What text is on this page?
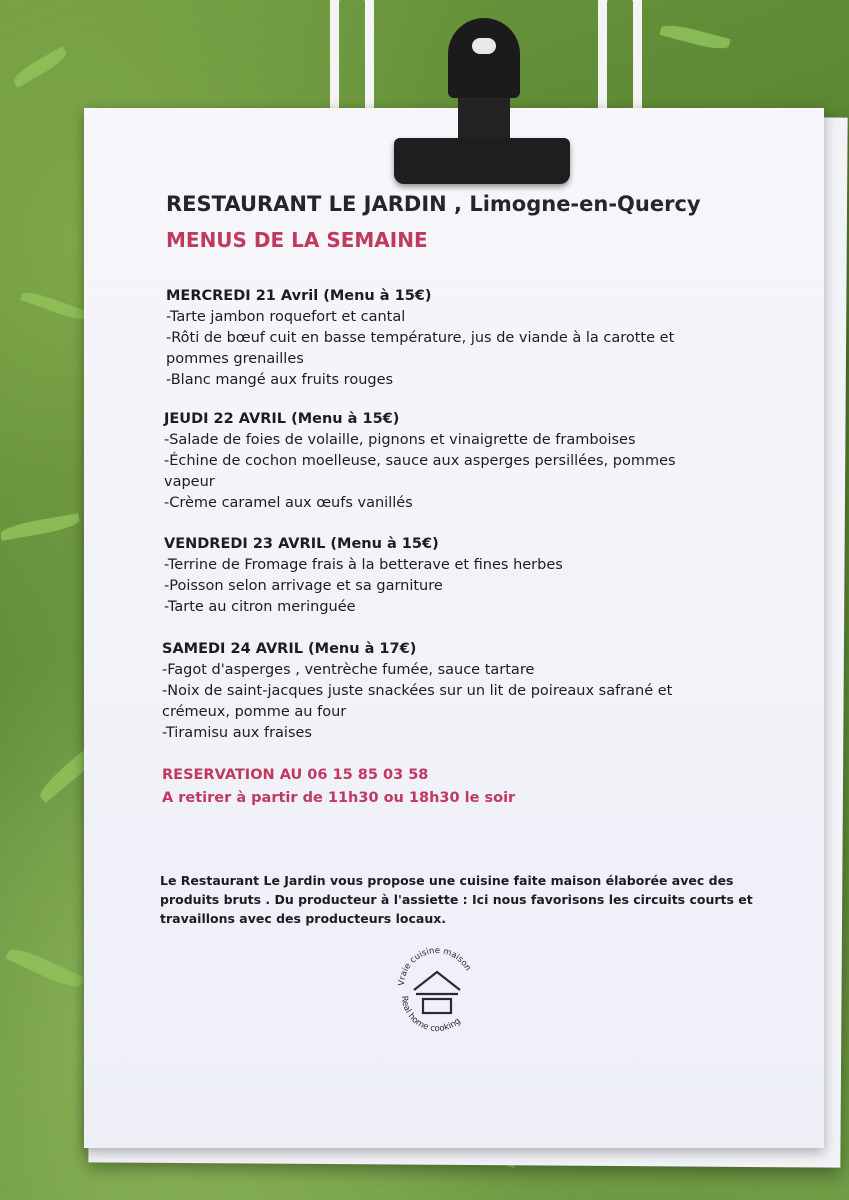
RESTAURANT LE JARDIN , Limogne-en-Quercy
MENUS DE LA SEMAINE
MERCREDI 21 Avril (Menu à 15€)
-Tarte jambon roquefort et cantal
-Rôti de bœuf cuit en basse température, jus de viande à la carotte et
pommes grenailles
-Blanc mangé aux fruits rouges
JEUDI 22 AVRIL (Menu à 15€)
-Salade de foies de volaille, pignons et vinaigrette de framboises
-Échine de cochon moelleuse, sauce aux asperges persillées, pommes
vapeur
-Crème caramel aux œufs vanillés
VENDREDI 23 AVRIL (Menu à 15€)
-Terrine de Fromage frais à la betterave et fines herbes
-Poisson selon arrivage et sa garniture
-Tarte au citron meringuée
SAMEDI 24 AVRIL (Menu à 17€)
-Fagot d'asperges , ventrèche fumée, sauce tartare
-Noix de saint-jacques juste snackées sur un lit de poireaux safrané et
crémeux, pomme au four
-Tiramisu aux fraises
RESERVATION AU 06 15 85 03 58
A retirer à partir de 11h30 ou 18h30 le soir
Le Restaurant Le Jardin vous propose une cuisine faite maison élaborée avec des
produits bruts . Du producteur à l'assiette : Ici nous favorisons les circuits courts et
travaillons avec des producteurs locaux.
Vraie cuisine maison
Real home cooking
